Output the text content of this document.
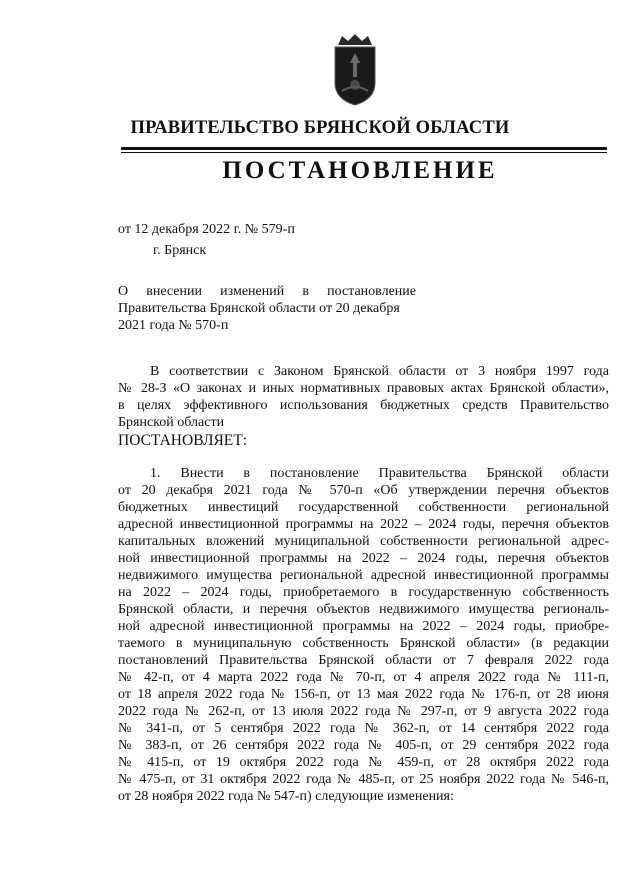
ПРАВИТЕЛЬСТВО БРЯНСКОЙ ОБЛАСТИ
ПОСТАНОВЛЕНИЕ
от 12 декабря 2022 г. № 579-п
г. Брянск
О внесении изменений в постановление
Правительства Брянской области от 20 декабря
2021 года № 570-п
В соответствии с Законом Брянской области от 3 ноября 1997 года
№ 28-З «О законах и иных нормативных правовых актах Брянской области»,
в целях эффективного использования бюджетных средств Правительство
Брянской области
ПОСТАНОВЛЯЕТ:
1. Внести в постановление Правительства Брянской области
от 20 декабря 2021 года № 570-п «Об утверждении перечня объектов
бюджетных инвестиций государственной собственности региональной
адресной инвестиционной программы на 2022 – 2024 годы, перечня объектов
капитальных вложений муниципальной собственности региональной адрес-
ной инвестиционной программы на 2022 – 2024 годы, перечня объектов
недвижимого имущества региональной адресной инвестиционной программы
на 2022 – 2024 годы, приобретаемого в государственную собственность
Брянской области, и перечня объектов недвижимого имущества региональ-
ной адресной инвестиционной программы на 2022 – 2024 годы, приобре-
таемого в муниципальную собственность Брянской области» (в редакции
постановлений Правительства Брянской области от 7 февраля 2022 года
№ 42-п, от 4 марта 2022 года № 70-п, от 4 апреля 2022 года № 111-п,
от 18 апреля 2022 года № 156-п, от 13 мая 2022 года № 176-п, от 28 июня
2022 года № 262-п, от 13 июля 2022 года № 297-п, от 9 августа 2022 года
№ 341-п, от 5 сентября 2022 года № 362-п, от 14 сентября 2022 года
№ 383-п, от 26 сентября 2022 года № 405-п, от 29 сентября 2022 года
№ 415-п, от 19 октября 2022 года № 459-п, от 28 октября 2022 года
№ 475-п, от 31 октября 2022 года № 485-п, от 25 ноября 2022 года № 546-п,
от 28 ноября 2022 года № 547-п) следующие изменения:
